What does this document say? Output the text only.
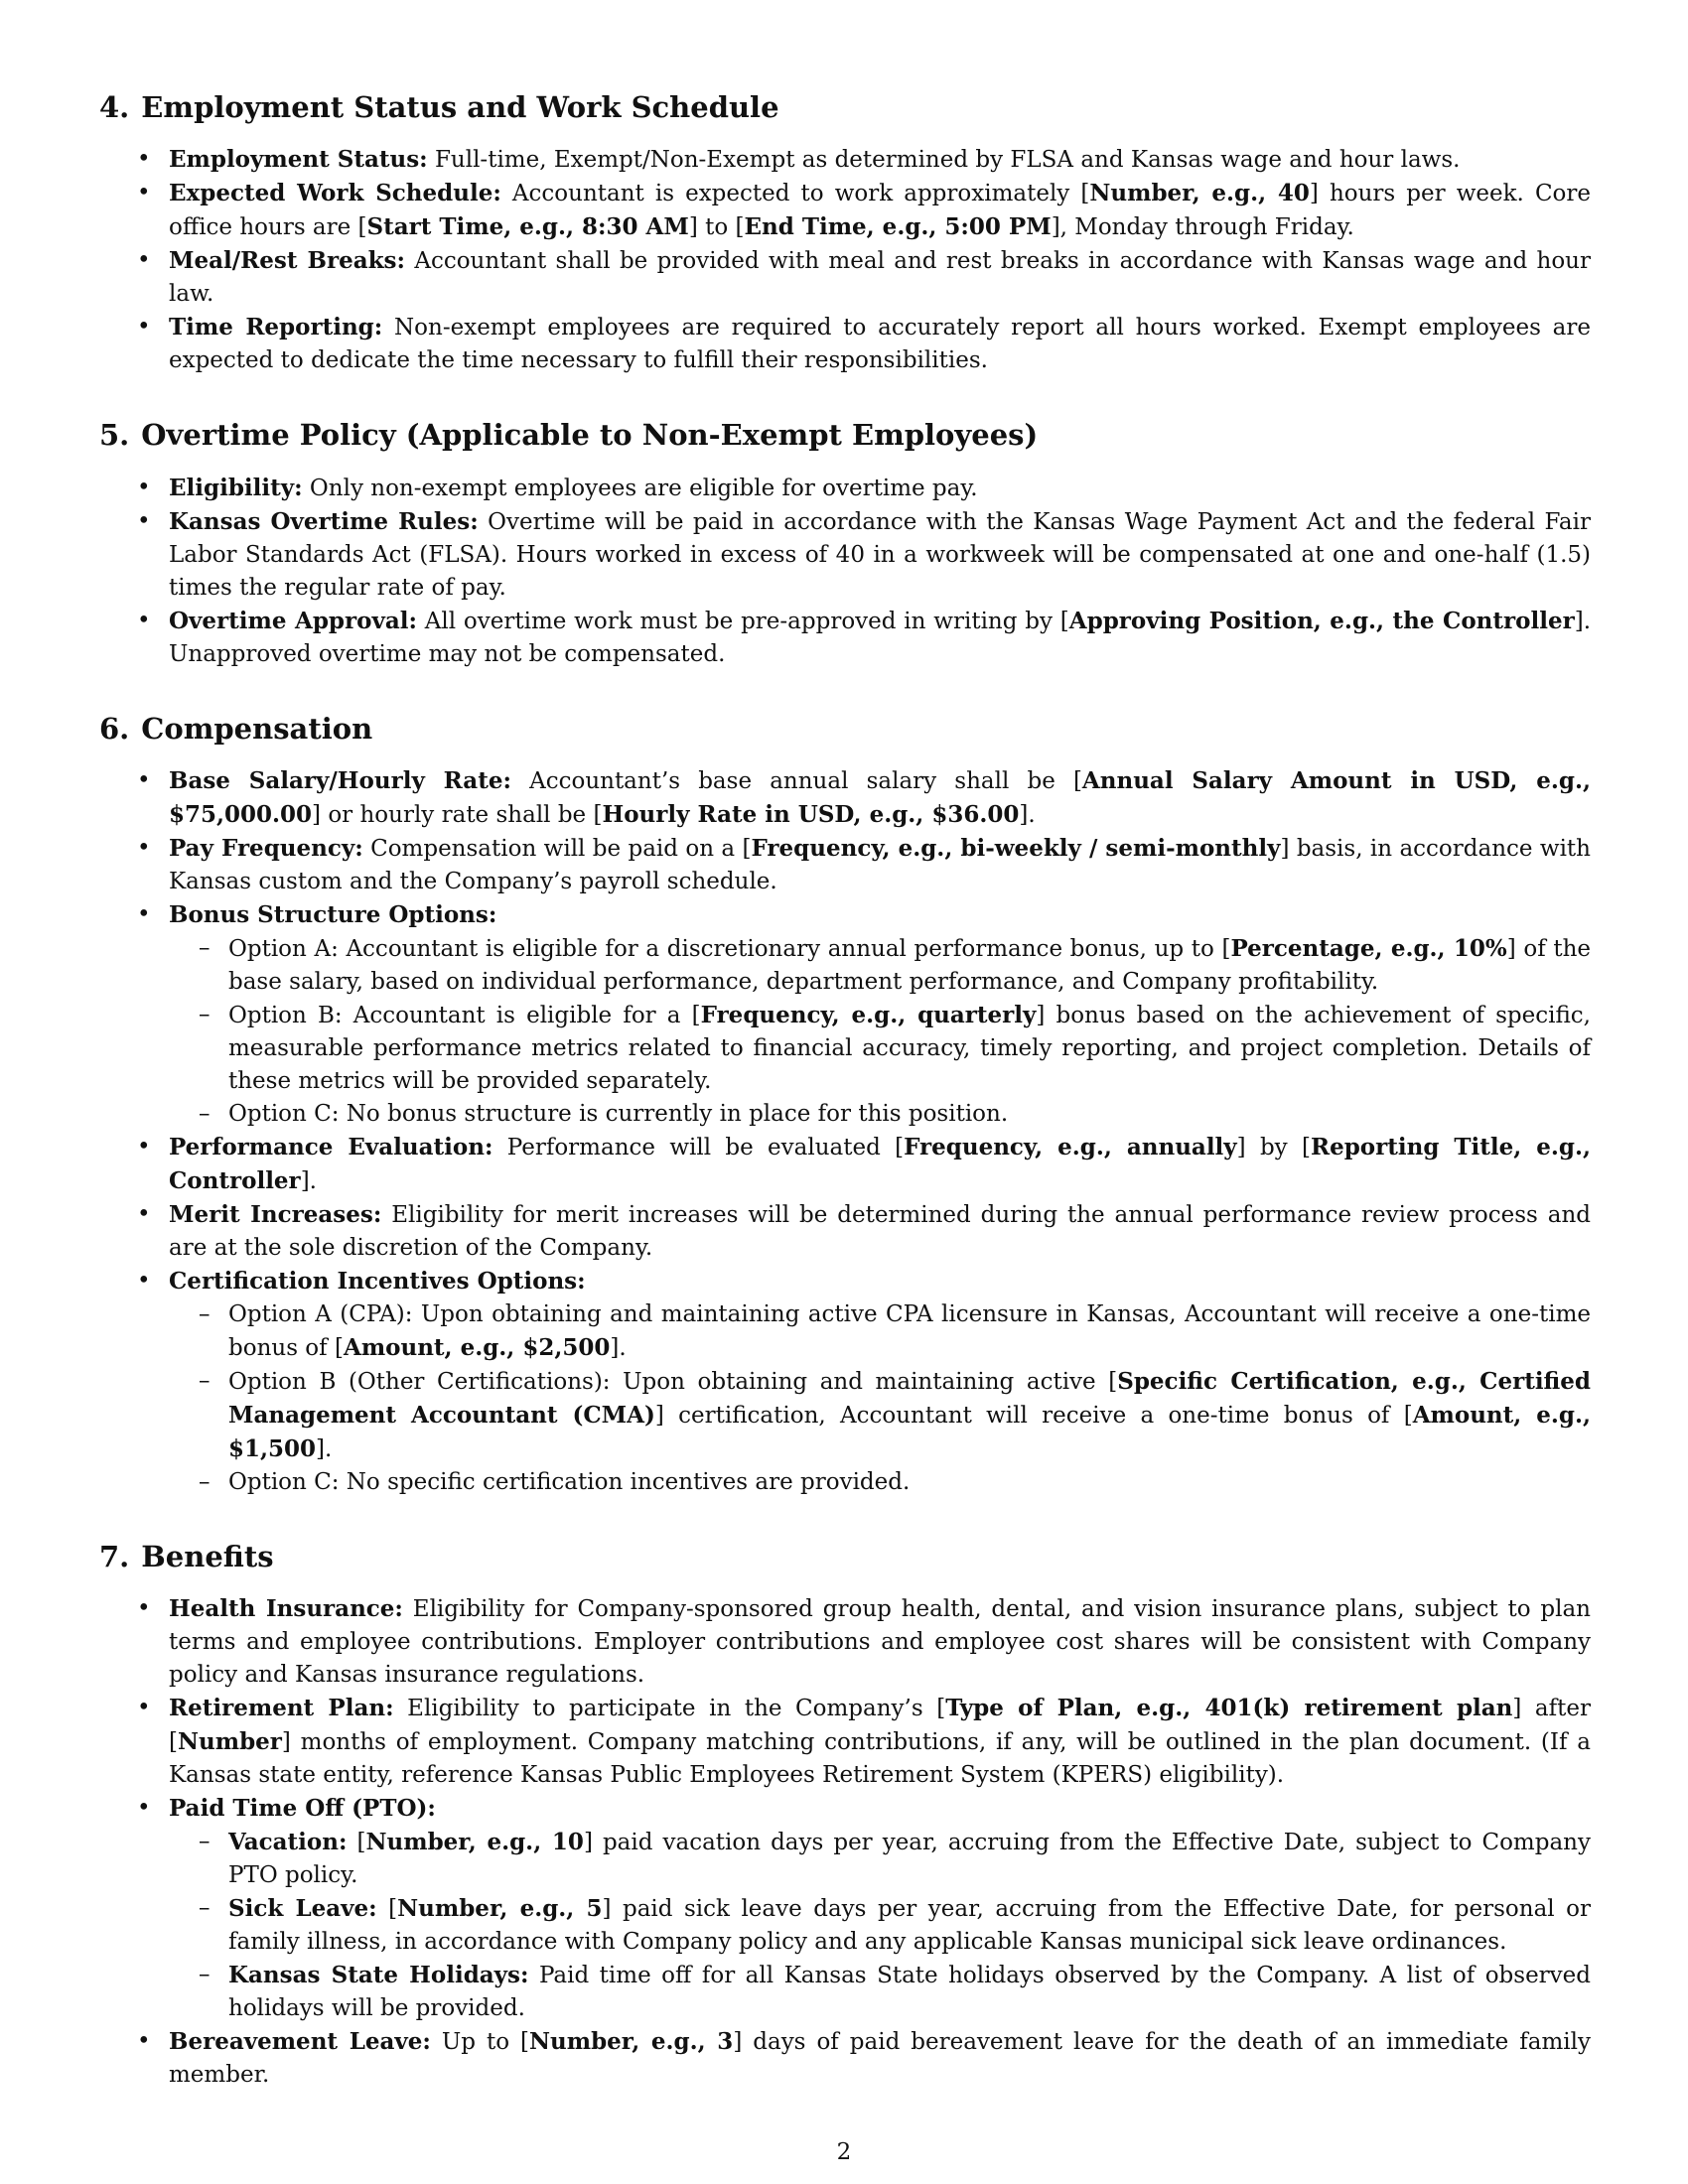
4. Employment Status and Work Schedule
• Employment Status: Full-time, Exempt/Non-Exempt as determined by FLSA and Kansas wage and hour laws.
• Expected Work Schedule: Accountant is expected to work approximately [Number, e.g., 40] hours per week. Core office hours are [Start Time, e.g., 8:30 AM] to [End Time, e.g., 5:00 PM], Monday through Friday.
• Meal/Rest Breaks: Accountant shall be provided with meal and rest breaks in accordance with Kansas wage and hour law.
• Time Reporting: Non-exempt employees are required to accurately report all hours worked. Exempt employees are expected to dedicate the time necessary to fulfill their responsibilities.
5. Overtime Policy (Applicable to Non-Exempt Employees)
• Eligibility: Only non-exempt employees are eligible for overtime pay.
• Kansas Overtime Rules: Overtime will be paid in accordance with the Kansas Wage Payment Act and the federal Fair Labor Standards Act (FLSA). Hours worked in excess of 40 in a workweek will be compensated at one and one-half (1.5) times the regular rate of pay.
• Overtime Approval: All overtime work must be pre-approved in writing by [Approving Position, e.g., the Controller]. Unapproved overtime may not be compensated.
6. Compensation
• Base Salary/Hourly Rate: Accountant’s base annual salary shall be [Annual Salary Amount in USD, e.g., $75,000.00] or hourly rate shall be [Hourly Rate in USD, e.g., $36.00].
• Pay Frequency: Compensation will be paid on a [Frequency, e.g., bi-weekly / semi-monthly] basis, in accordance with Kansas custom and the Company’s payroll schedule.
• Bonus Structure Options:
– Option A: Accountant is eligible for a discretionary annual performance bonus, up to [Percentage, e.g., 10%] of the base salary, based on individual performance, department performance, and Company profitability.
– Option B: Accountant is eligible for a [Frequency, e.g., quarterly] bonus based on the achievement of specific, measurable performance metrics related to financial accuracy, timely reporting, and project completion. Details of these metrics will be provided separately.
– Option C: No bonus structure is currently in place for this position.
• Performance Evaluation: Performance will be evaluated [Frequency, e.g., annually] by [Reporting Title, e.g., Controller].
• Merit Increases: Eligibility for merit increases will be determined during the annual performance review process and are at the sole discretion of the Company.
• Certification Incentives Options:
– Option A (CPA): Upon obtaining and maintaining active CPA licensure in Kansas, Accountant will receive a one-time bonus of [Amount, e.g., $2,500].
– Option B (Other Certifications): Upon obtaining and maintaining active [Specific Certification, e.g., Certified Management Accountant (CMA)] certification, Accountant will receive a one-time bonus of [Amount, e.g., $1,500].
– Option C: No specific certification incentives are provided.
7. Benefits
• Health Insurance: Eligibility for Company-sponsored group health, dental, and vision insurance plans, subject to plan terms and employee contributions. Employer contributions and employee cost shares will be consistent with Company policy and Kansas insurance regulations.
• Retirement Plan: Eligibility to participate in the Company’s [Type of Plan, e.g., 401(k) retirement plan] after [Number] months of employment. Company matching contributions, if any, will be outlined in the plan document. (If a Kansas state entity, reference Kansas Public Employees Retirement System (KPERS) eligibility).
• Paid Time Off (PTO):
– Vacation: [Number, e.g., 10] paid vacation days per year, accruing from the Effective Date, subject to Company PTO policy.
– Sick Leave: [Number, e.g., 5] paid sick leave days per year, accruing from the Effective Date, for personal or family illness, in accordance with Company policy and any applicable Kansas municipal sick leave ordinances.
– Kansas State Holidays: Paid time off for all Kansas State holidays observed by the Company. A list of observed holidays will be provided.
• Bereavement Leave: Up to [Number, e.g., 3] days of paid bereavement leave for the death of an immediate family member.
2
